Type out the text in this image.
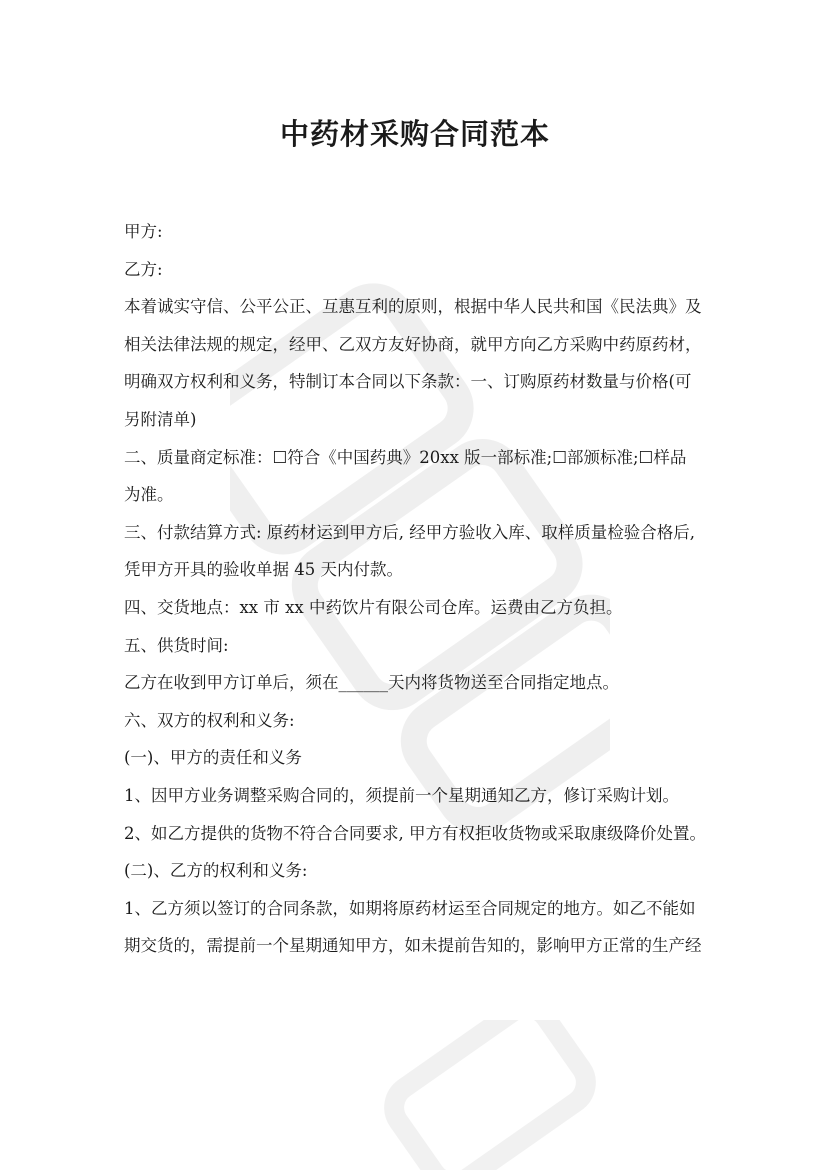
中药材采购合同范本

甲方:

乙方:

本着诚实守信、公平公正、互惠互利的原则，根据中华人民共和国《民法典》及

相关法律法规的规定，经甲、乙双方友好协商，就甲方向乙方采购中药原药材，

明确双方权利和义务，特制订本合同以下条款：一、订购原药材数量与价格(可

另附清单)

二、质量商定标准：☐符合《中国药典》20xx 版一部标准;☐部颁标准;☐样品

为准。

三、付款结算方式: 原药材运到甲方后, 经甲方验收入库、取样质量检验合格后,

凭甲方开具的验收单据 45 天内付款。

四、交货地点：xx 市 xx 中药饮片有限公司仓库。运费由乙方负担。

五、供货时间:

乙方在收到甲方订单后，须在______天内将货物送至合同指定地点。

六、双方的权利和义务:

(一)、甲方的责任和义务

1、因甲方业务调整采购合同的，须提前一个星期通知乙方，修订采购计划。

2、如乙方提供的货物不符合合同要求, 甲方有权拒收货物或采取康级降价处置。

(二)、乙方的权利和义务:

1、乙方须以签订的合同条款，如期将原药材运至合同规定的地方。如乙不能如

期交货的，需提前一个星期通知甲方，如未提前告知的，影响甲方正常的生产经
